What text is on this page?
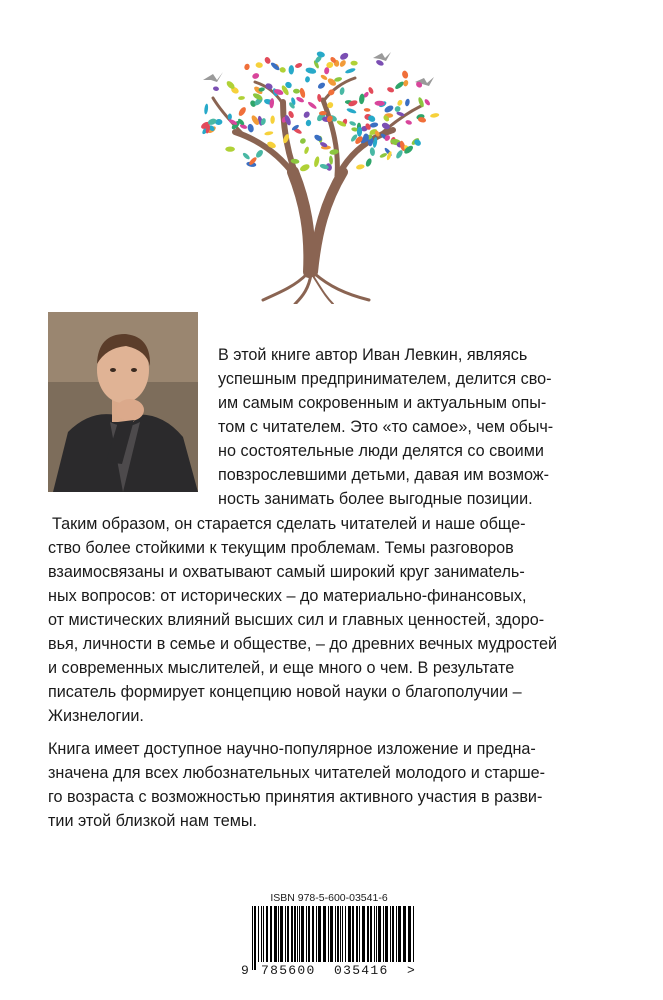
В этой книге автор Иван Левкин, являясь
успешным предпринимателем, делится сво-
им самым сокровенным и актуальным опы-
том с читателем. Это «то самое», чем обыч-
но состоятельные люди делятся со своими
повзрослевшими детьми, давая им возмож-
ность занимать более выгодные позиции.
Таким образом, он старается сделать читателей и наше обще-
ство более стойкими к текущим проблемам. Темы разговоров
взаимосвязаны и охватывают самый широкий круг занимatель-
ных вопросов: от исторических – до материально-финансовых,
от мистических влияний высших сил и главных ценностей, здоро-
вья, личности в семье и обществе, – до древних вечных мудростей
и современных мыслителей, и еще много о чем. В результате
писатель формирует концепцию новой науки о благополучии –
Жизнелогии.
Книга имеет доступное научно-популярное изложение и предна-
значена для всех любознательных читателей молодого и старше-
го возраста с возможностью принятия активного участия в разви-
тии этой близкой нам темы.
ISBN 978-5-600-03541-6
9 785600 035416 >
